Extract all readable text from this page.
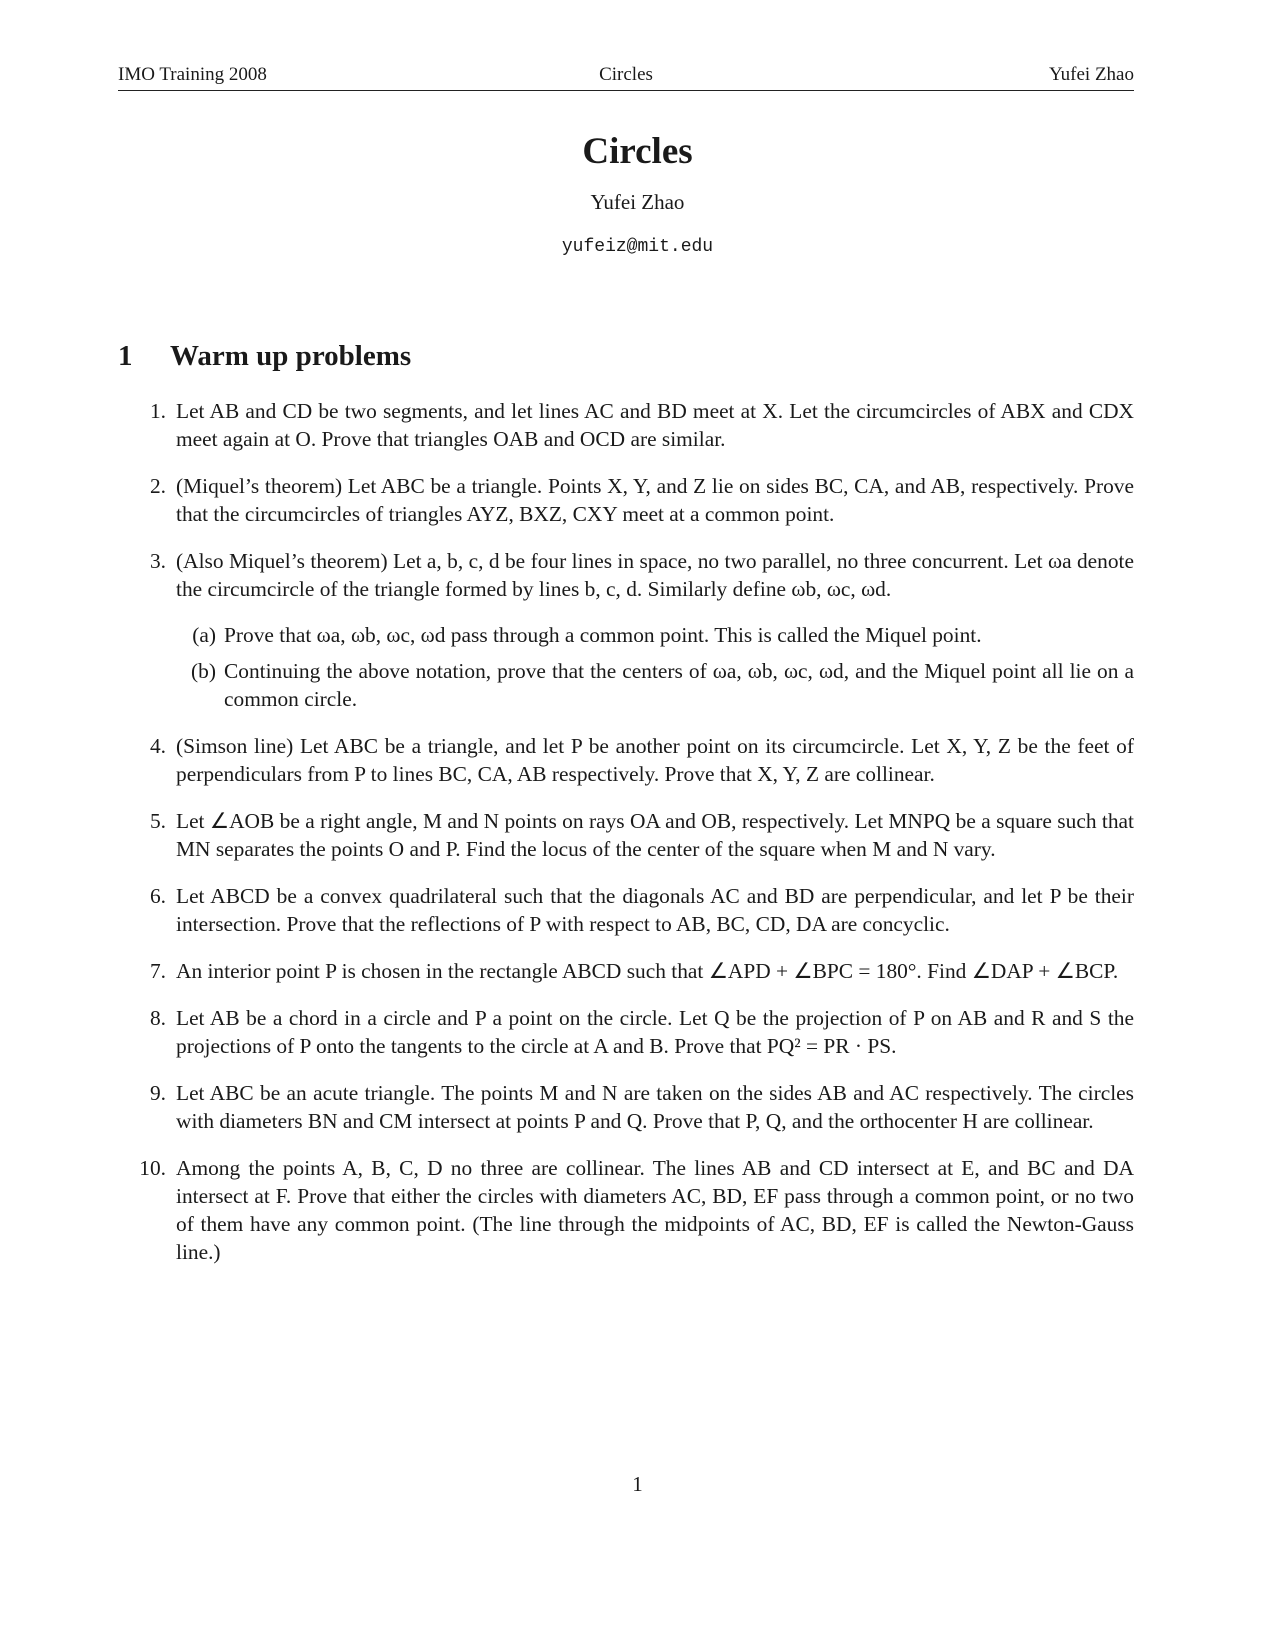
IMO Training 2008	Circles	Yufei Zhao
Circles
Yufei Zhao
yufeiz@mit.edu
1 Warm up problems
1. Let AB and CD be two segments, and let lines AC and BD meet at X. Let the circumcircles of ABX and CDX meet again at O. Prove that triangles OAB and OCD are similar.
2. (Miquel’s theorem) Let ABC be a triangle. Points X, Y, and Z lie on sides BC, CA, and AB, respectively. Prove that the circumcircles of triangles AYZ, BXZ, CXY meet at a common point.
3. (Also Miquel’s theorem) Let a, b, c, d be four lines in space, no two parallel, no three concurrent. Let ωa denote the circumcircle of the triangle formed by lines b, c, d. Similarly define ωb, ωc, ωd.
(a) Prove that ωa, ωb, ωc, ωd pass through a common point. This is called the Miquel point.
(b) Continuing the above notation, prove that the centers of ωa, ωb, ωc, ωd, and the Miquel point all lie on a common circle.
4. (Simson line) Let ABC be a triangle, and let P be another point on its circumcircle. Let X, Y, Z be the feet of perpendiculars from P to lines BC, CA, AB respectively. Prove that X, Y, Z are collinear.
5. Let ∠AOB be a right angle, M and N points on rays OA and OB, respectively. Let MNPQ be a square such that MN separates the points O and P. Find the locus of the center of the square when M and N vary.
6. Let ABCD be a convex quadrilateral such that the diagonals AC and BD are perpendicular, and let P be their intersection. Prove that the reflections of P with respect to AB, BC, CD, DA are concyclic.
7. An interior point P is chosen in the rectangle ABCD such that ∠APD + ∠BPC = 180°. Find ∠DAP + ∠BCP.
8. Let AB be a chord in a circle and P a point on the circle. Let Q be the projection of P on AB and R and S the projections of P onto the tangents to the circle at A and B. Prove that PQ² = PR · PS.
9. Let ABC be an acute triangle. The points M and N are taken on the sides AB and AC respectively. The circles with diameters BN and CM intersect at points P and Q. Prove that P, Q, and the orthocenter H are collinear.
10. Among the points A, B, C, D no three are collinear. The lines AB and CD intersect at E, and BC and DA intersect at F. Prove that either the circles with diameters AC, BD, EF pass through a common point, or no two of them have any common point. (The line through the midpoints of AC, BD, EF is called the Newton-Gauss line.)
1
